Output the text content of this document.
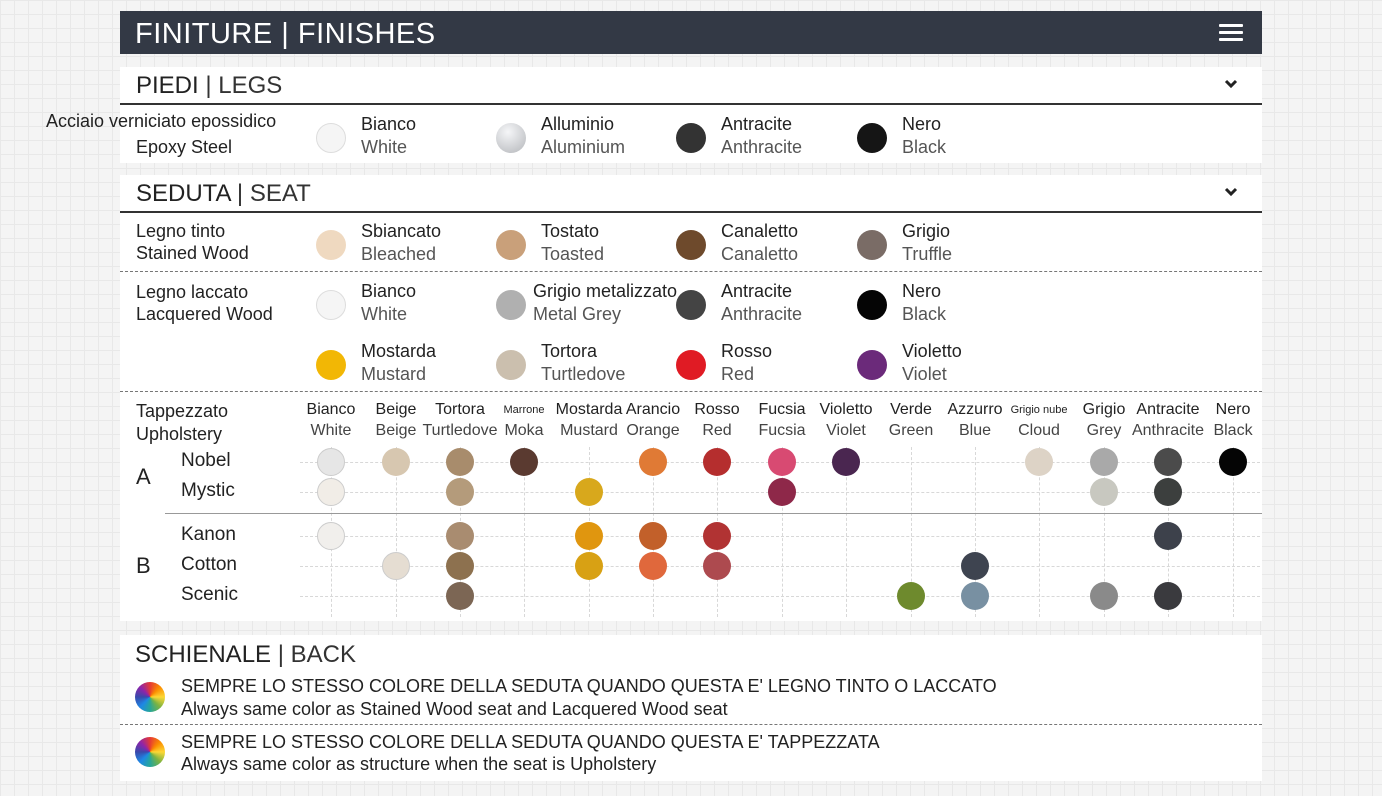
FINITURE | FINISHES
PIEDI | LEGS
Acciaio verniciato epossidico
Epoxy Steel
Bianco
White
Alluminio
Aluminium
Antracite
Anthracite
Nero
Black
SEDUTA | SEAT
Legno tinto
Stained Wood
Sbiancato
Bleached
Tostato
Toasted
Canaletto
Canaletto
Grigio
Truffle
Legno laccato
Lacquered Wood
Bianco
White
Grigio metalizzato
Metal Grey
Antracite
Anthracite
Nero
Black
Mostarda
Mustard
Tortora
Turtledove
Rosso
Red
Violetto
Violet
Tappezzato
Upholstery
Bianco
White
Beige
Beige
Tortora
Turtledove
Marrone
Moka
Mostarda
Mustard
Arancio
Orange
Rosso
Red
Fucsia
Fucsia
Violetto
Violet
Verde
Green
Azzurro
Blue
Grigio nube
Cloud
Grigio
Grey
Antracite
Anthracite
Nero
Black
A
Nobel
Mystic
B
Kanon
Cotton
Scenic
SCHIENALE | BACK
SEMPRE LO STESSO COLORE DELLA SEDUTA QUANDO QUESTA E' LEGNO TINTO O LACCATO
Always same color as Stained Wood seat and Lacquered Wood seat
SEMPRE LO STESSO COLORE DELLA SEDUTA QUANDO QUESTA E' TAPPEZZATA
Always same color as structure when the seat is Upholstery
